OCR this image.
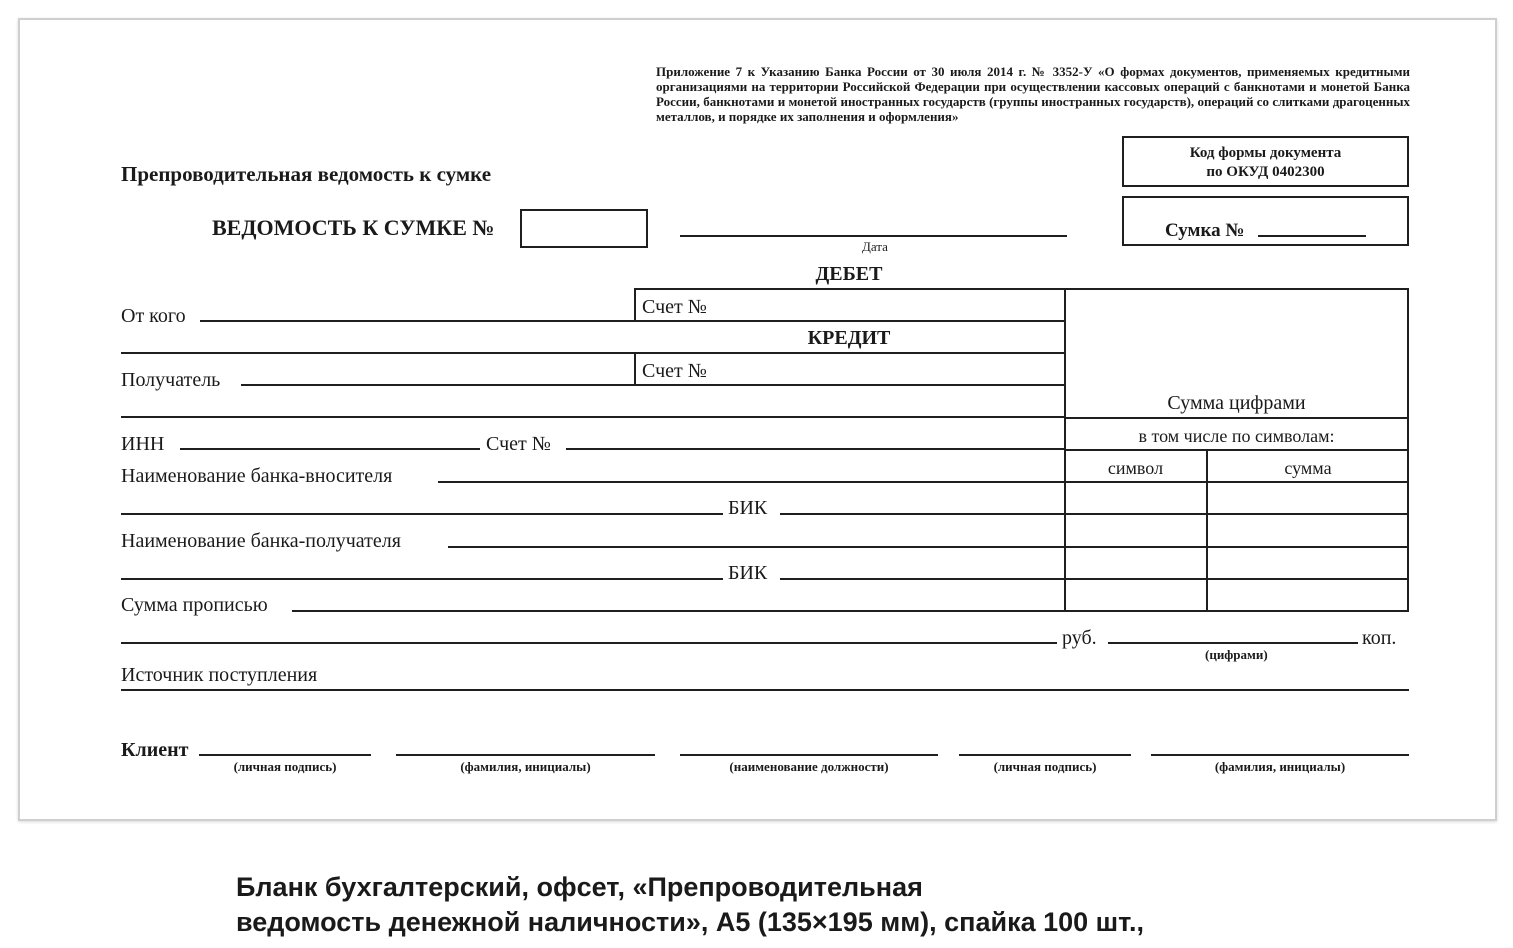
Приложение 7 к Указанию Банка России от 30 июля 2014 г. № 3352-У «О формах документов, применяемых кредитными организациями на территории Российской Федерации при осуществлении кассовых операций с банкнотами и монетой Банка России, банкнотами и монетой иностранных государств (группы иностранных государств), операций со слитками драгоценных металлов, и порядке их заполнения и оформления»
Код формы документа
по ОКУД 0402300
Препроводительная ведомость к сумке
ВЕДОМОСТЬ К СУМКЕ №
Дата
Сумка №
ДЕБЕТ
Счет №
От кого
КРЕДИТ
Счет №
Получатель
Сумма цифрами
в том числе по символам:
символ	сумма
ИНН	Счет №
Наименование банка-вносителя
БИК
Наименование банка-получателя
БИК
Сумма прописью
руб.	коп.
(цифрами)
Источник поступления
Клиент
(личная подпись)	(фамилия, инициалы)	(наименование должности)	(личная подпись)	(фамилия, инициалы)
Бланк бухгалтерский, офсет, «Препроводительная
ведомость денежной наличности», А5 (135×195 мм), спайка 100 шт.,
